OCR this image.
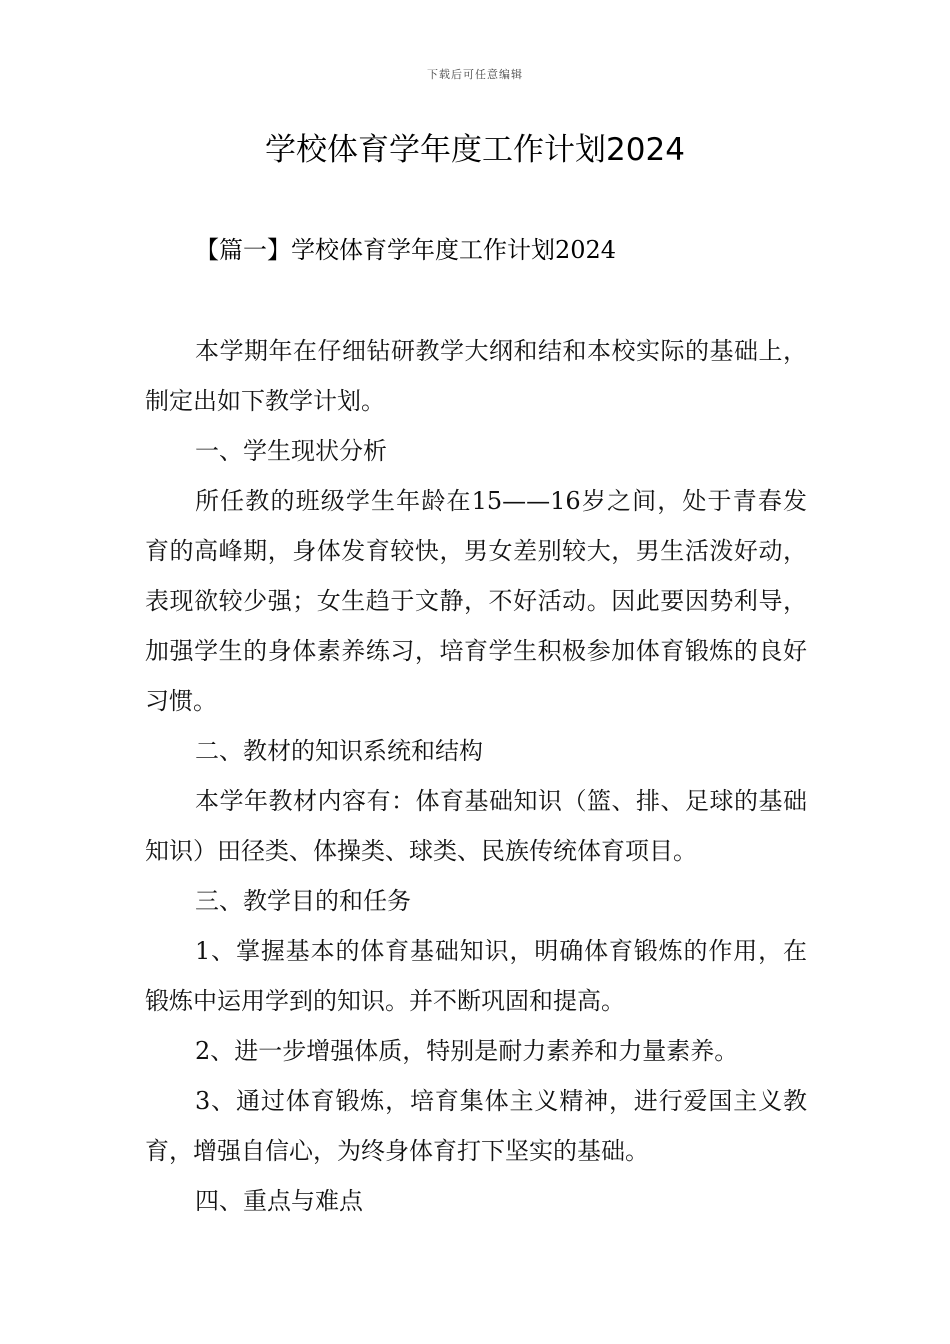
下载后可任意编辑
学校体育学年度工作计划2024
【篇一】学校体育学年度工作计划2024

本学期年在仔细钻研教学大纲和结和本校实际的基础上，制定出如下教学计划。

一、学生现状分析

所任教的班级学生年龄在15——16岁之间，处于青春发育的高峰期，身体发育较快，男女差别较大，男生活泼好动，表现欲较少强；女生趋于文静，不好活动。因此要因势利导，加强学生的身体素养练习，培育学生积极参加体育锻炼的良好习惯。

二、教材的知识系统和结构

本学年教材内容有：体育基础知识（篮、排、足球的基础知识）田径类、体操类、球类、民族传统体育项目。

三、教学目的和任务

1、掌握基本的体育基础知识，明确体育锻炼的作用，在锻炼中运用学到的知识。并不断巩固和提高。

2、进一步增强体质，特别是耐力素养和力量素养。

3、通过体育锻炼，培育集体主义精神，进行爱国主义教育，增强自信心，为终身体育打下坚实的基础。

四、重点与难点
